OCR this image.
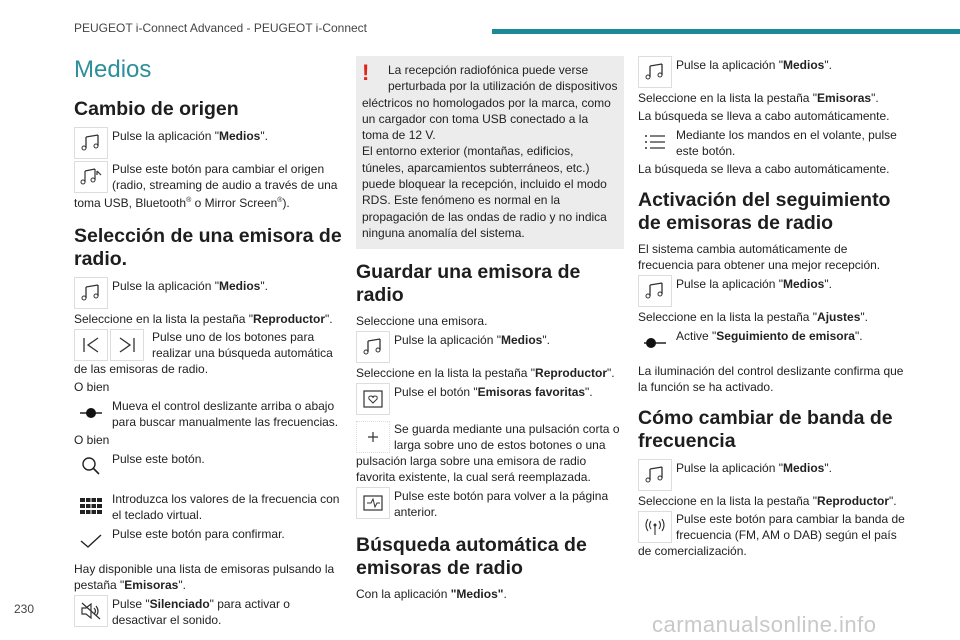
PEUGEOT i-Connect Advanced - PEUGEOT i-Connect
Medios
Cambio de origen
Pulse la aplicación "Medios".
Pulse este botón para cambiar el origen (radio, streaming de audio a través de una toma USB, Bluetooth® o Mirror Screen®).
Selección de una emisora de radio.
Pulse la aplicación "Medios".
Seleccione en la lista la pestaña "Reproductor".
Pulse uno de los botones para realizar una búsqueda automática de las emisoras de radio.
O bien
Mueva el control deslizante arriba o abajo para buscar manualmente las frecuencias.
O bien
Pulse este botón.
Introduzca los valores de la frecuencia con el teclado virtual.
Pulse este botón para confirmar.
Hay disponible una lista de emisoras pulsando la pestaña "Emisoras".
Pulse "Silenciado" para activar o desactivar el sonido.
!	La recepción radiofónica puede verse perturbada por la utilización de dispositivos eléctricos no homologados por la marca, como un cargador con toma USB conectado a la toma de 12 V.
El entorno exterior (montañas, edificios, túneles, aparcamientos subterráneos, etc.) puede bloquear la recepción, incluido el modo RDS. Este fenómeno es normal en la propagación de las ondas de radio y no indica ninguna anomalía del sistema.
Guardar una emisora de radio
Seleccione una emisora.
Pulse la aplicación "Medios".
Seleccione en la lista la pestaña "Reproductor".
Pulse el botón "Emisoras favoritas".
Se guarda mediante una pulsación corta o larga sobre uno de estos botones o una pulsación larga sobre una emisora de radio favorita existente, la cual será reemplazada.
Pulse este botón para volver a la página anterior.
Búsqueda automática de emisoras de radio
Con la aplicación "Medios".
Pulse la aplicación "Medios".
Seleccione en la lista la pestaña "Emisoras".
La búsqueda se lleva a cabo automáticamente.
Mediante los mandos en el volante, pulse este botón.
La búsqueda se lleva a cabo automáticamente.
Activación del seguimiento de emisoras de radio
El sistema cambia automáticamente de frecuencia para obtener una mejor recepción.
Pulse la aplicación "Medios".
Seleccione en la lista la pestaña "Ajustes".
Active "Seguimiento de emisora".
La iluminación del control deslizante confirma que la función se ha activado.
Cómo cambiar de banda de frecuencia
Pulse la aplicación "Medios".
Seleccione en la lista la pestaña "Reproductor".
Pulse este botón para cambiar la banda de frecuencia (FM, AM o DAB) según el país de comercialización.
230
carmanualsonline.info
